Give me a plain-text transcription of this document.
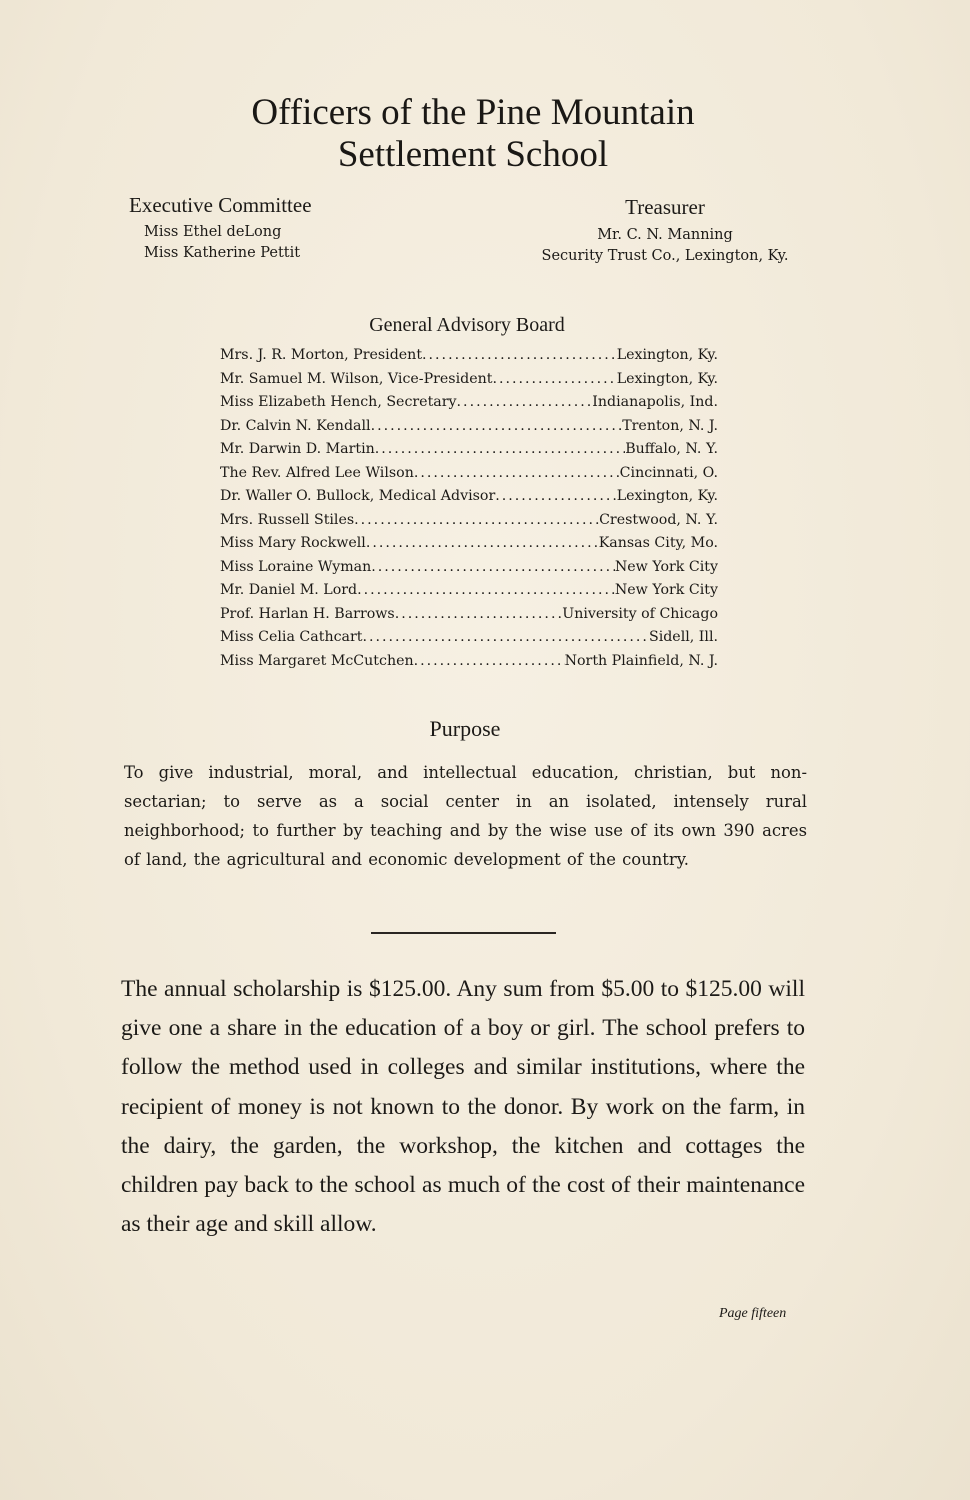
Officers of the Pine Mountain
Settlement School
Executive Committee
Miss Ethel deLong
Miss Katherine Pettit
Treasurer
Mr. C. N. Manning
Security Trust Co., Lexington, Ky.
General Advisory Board
Mrs. J. R. Morton, President .....	Lexington, Ky.
Mr. Samuel M. Wilson, Vice-President .....	Lexington, Ky.
Miss Elizabeth Hench, Secretary .....	Indianapolis, Ind.
Dr. Calvin N. Kendall .....	Trenton, N. J.
Mr. Darwin D. Martin .....	Buffalo, N. Y.
The Rev. Alfred Lee Wilson .....	Cincinnati, O.
Dr. Waller O. Bullock, Medical Advisor .....	Lexington, Ky.
Mrs. Russell Stiles .....	Crestwood, N. Y.
Miss Mary Rockwell .....	Kansas City, Mo.
Miss Loraine Wyman .....	New York City
Mr. Daniel M. Lord .....	New York City
Prof. Harlan H. Barrows .....	University of Chicago
Miss Celia Cathcart .....	Sidell, Ill.
Miss Margaret McCutchen .....	North Plainfield, N. J.
Purpose
To give industrial, moral, and intellectual education, christian, but non-sectarian; to serve as a social center in an isolated, intensely rural neighborhood; to further by teaching and by the wise use of its own 390 acres of land, the agricultural and economic development of the country.
The annual scholarship is $125.00. Any sum from $5.00 to $125.00 will give one a share in the education of a boy or girl. The school prefers to follow the method used in colleges and similar institutions, where the recipient of money is not known to the donor. By work on the farm, in the dairy, the garden, the workshop, the kitchen and cottages the children pay back to the school as much of the cost of their maintenance as their age and skill allow.
Page fifteen
